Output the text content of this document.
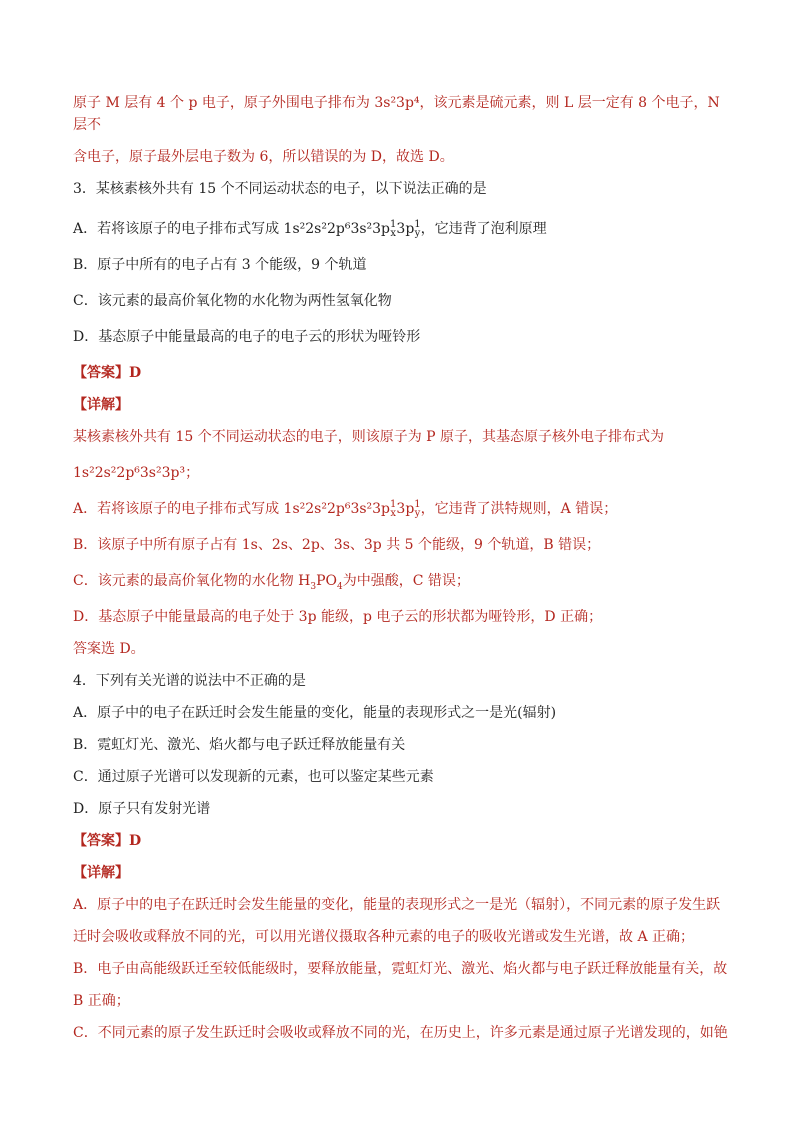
原子 M 层有 4 个 p 电子，原子外围电子排布为 3s²3p⁴，该元素是硫元素，则 L 层一定有 8 个电子，N 层不

含电子，原子最外层电子数为 6，所以错误的为 D，故选 D。

3．某核素核外共有 15 个不同运动状态的电子，以下说法正确的是

A．若将该原子的电子排布式写成 1s²2s²2p⁶3s²3p 1
x 3p 1
y ，它违背了泡利原理

B．原子中所有的电子占有 3 个能级，9 个轨道

C．该元素的最高价氧化物的水化物为两性氢氧化物

D．基态原子中能量最高的电子的电子云的形状为哑铃形

【答案】D

【详解】

某核素核外共有 15 个不同运动状态的电子，则该原子为 P 原子，其基态原子核外电子排布式为

1s²2s²2p⁶3s²3p³；

A．若将该原子的电子排布式写成 1s²2s²2p⁶3s²3p 1
x 3p 1
y ，它违背了洪特规则，A 错误；

B．该原子中所有原子占有 1s、2s、2p、3s、3p 共 5 个能级，9 个轨道，B 错误；

C．该元素的最高价氧化物的水化物 $H_3PO_4$为中强酸，C 错误；

D．基态原子中能量最高的电子处于 3p 能级，p 电子云的形状都为哑铃形，D 正确；

答案选 D。

4．下列有关光谱的说法中不正确的是

A．原子中的电子在跃迁时会发生能量的变化，能量的表现形式之一是光(辐射)

B．霓虹灯光、激光、焰火都与电子跃迁释放能量有关

C．通过原子光谱可以发现新的元素，也可以鉴定某些元素

D．原子只有发射光谱

【答案】D

【详解】

A．原子中的电子在跃迁时会发生能量的变化，能量的表现形式之一是光（辐射），不同元素的原子发生跃

迁时会吸收或释放不同的光，可以用光谱仪摄取各种元素的电子的吸收光谱或发生光谱，故 A 正确；

B．电子由高能级跃迁至较低能级时，要释放能量，霓虹灯光、激光、焰火都与电子跃迁释放能量有关，故

B 正确；

C．不同元素的原子发生跃迁时会吸收或释放不同的光，在历史上，许多元素是通过原子光谱发现的，如铯
